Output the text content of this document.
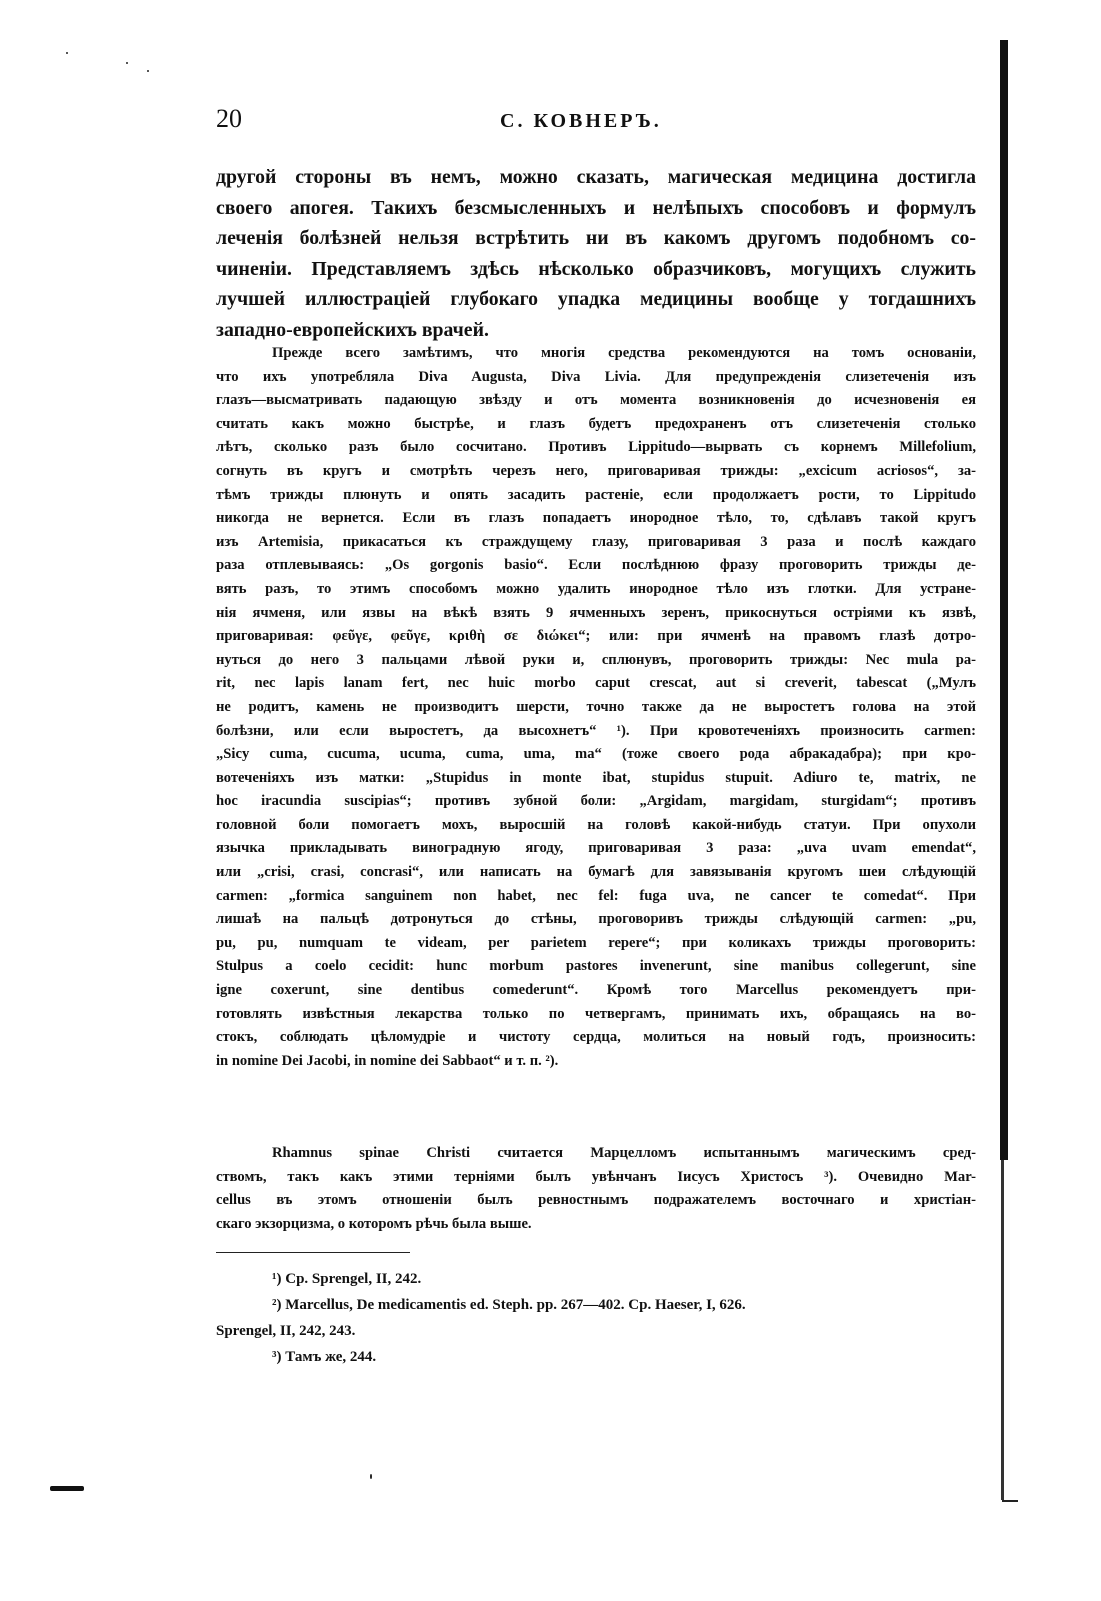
20	С. КОВНЕРЪ.
другой стороны въ немъ, можно сказать, магическая медицина достигла
своего апогея. Такихъ безсмысленныхъ и нелѣпыхъ способовъ и формулъ
леченія болѣзней нельзя встрѣтить ни въ какомъ другомъ подобномъ со-
чиненіи. Представляемъ здѣсь нѣсколько образчиковъ, могущихъ служить
лучшей иллюстраціей глубокаго упадка медицины вообще у тогдашнихъ
западно-европейскихъ врачей.
Прежде всего замѣтимъ, что многія средства рекомендуются на томъ основаніи,
что ихъ употребляла Diva Augusta, Diva Livia. Для предупрежденія слизетеченія изъ
глазъ—высматривать падающую звѣзду и отъ момента возникновенія до исчезновенія ея
считать какъ можно быстрѣе, и глазъ будетъ предохраненъ отъ слизетеченія столько
лѣтъ, сколько разъ было сосчитано. Противъ Lippitudo—вырвать съ корнемъ Millefolium,
согнуть въ кругъ и смотрѣть черезъ него, приговаривая трижды: „excicum acriosos“, за-
тѣмъ трижды плюнуть и опять засадить растеніе, если продолжаетъ рости, то Lippitudo
никогда не вернется. Если въ глазъ попадаетъ инородное тѣло, то, сдѣлавъ такой кругъ
изъ Artemisia, прикасаться къ страждущему глазу, приговаривая 3 раза и послѣ каждаго
раза отплевываясь: „Os gorgonis basio“. Если послѣднюю фразу проговорить трижды де-
вять разъ, то этимъ способомъ можно удалить инородное тѣло изъ глотки. Для устране-
нія ячменя, или язвы на вѣкѣ взять 9 ячменныхъ зеренъ, прикоснуться остріями къ язвѣ,
приговаривая: φεῦγε, φεῦγε, κριθὴ σε διώκει“; или: при ячменѣ на правомъ глазѣ дотро-
нуться до него 3 пальцами лѣвой руки и, сплюнувъ, проговорить трижды: Nec mula pa-
rit, nec lapis lanam fert, nec huic morbo caput crescat, aut si creverit, tabescat („Мулъ
не родитъ, камень не производитъ шерсти, точно также да не выростетъ голова на этой
болѣзни, или если выростетъ, да высохнетъ“ ¹). При кровотеченіяхъ произносить carmen:
„Sicy cuma, cucuma, ucuma, cuma, uma, ma“ (тоже своего рода абракадабра); при кро-
вотеченіяхъ изъ матки: „Stupidus in monte ibat, stupidus stupuit. Adiuro te, matrix, ne
hoc iracundia suscipias“; противъ зубной боли: „Argidam, margidam, sturgidam“; противъ
головной боли помогаетъ мохъ, выросшій на головѣ какой-нибудь статуи. При опухоли
язычка прикладывать виноградную ягоду, приговаривая 3 раза: „uva uvam emendat“,
или „crisi, crasi, concrasi“, или написать на бумагѣ для завязыванія кругомъ шеи слѣдующій
carmen: „formica sanguinem non habet, nec fel: fuga uva, ne cancer te comedat“. При
лишаѣ на пальцѣ дотронуться до стѣны, проговоривъ трижды слѣдующій carmen: „pu,
pu, pu, numquam te videam, per parietem repere“; при коликахъ трижды проговорить:
Stulpus a coelo cecidit: hunc morbum pastores invenerunt, sine manibus collegerunt, sine
igne coxerunt, sine dentibus comederunt“. Кромѣ того Marcellus рекомендуетъ при-
готовлять извѣстныя лекарства только по четвергамъ, принимать ихъ, обращаясь на во-
стокъ, соблюдать цѣломудріе и чистоту сердца, молиться на новый годъ, произносить:
in nomine Dei Jacobi, in nomine dei Sabbaot“ и т. п. ²).
Rhamnus spinae Christi считается Марцелломъ испытаннымъ магическимъ сред-
ствомъ, такъ какъ этими терніями былъ увѣнчанъ Іисусъ Христосъ ³). Очевидно Mar-
cellus въ этомъ отношеніи былъ ревностнымъ подражателемъ восточнаго и христіан-
скаго экзорцизма, о которомъ рѣчь была выше.
¹) Cp. Sprengel, II, 242.
²) Marcellus, De medicamentis ed. Steph. pp. 267—402. Cp. Haeser, I, 626.
Sprengel, II, 242, 243.
³) Тамъ же, 244.
